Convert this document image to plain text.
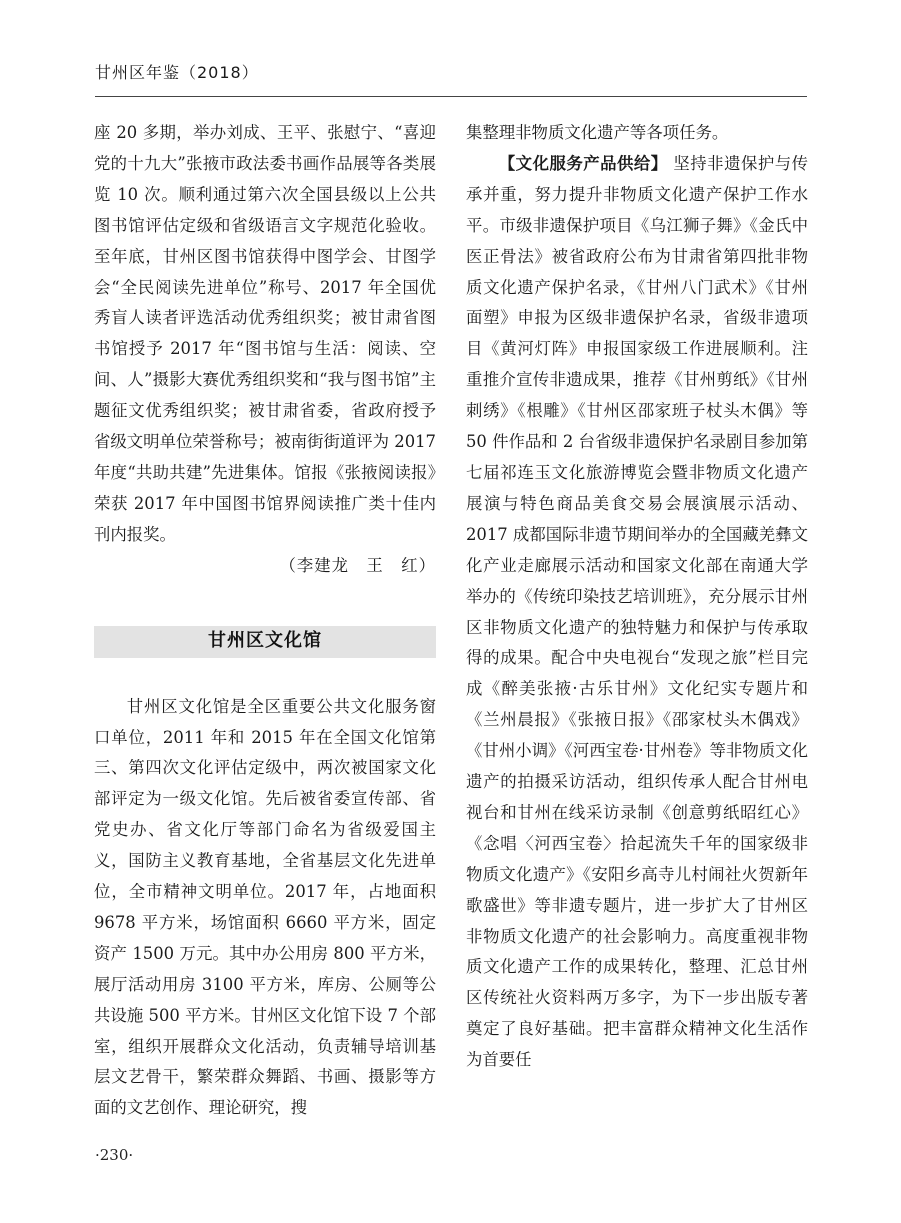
甘州区年鉴（2018）

座 20 多期，举办刘成、王平、张慰宁、“喜迎党的十九大”张掖市政法委书画作品展等各类展览 10 次。顺利通过第六次全国县级以上公共图书馆评估定级和省级语言文字规范化验收。至年底，甘州区图书馆获得中图学会、甘图学会“全民阅读先进单位”称号、2017 年全国优秀盲人读者评选活动优秀组织奖；被甘肃省图书馆授予 2017 年“图书馆与生活：阅读、空间、人”摄影大赛优秀组织奖和“我与图书馆”主题征文优秀组织奖；被甘肃省委，省政府授予省级文明单位荣誉称号；被南街街道评为 2017 年度“共助共建”先进集体。馆报《张掖阅读报》荣获 2017 年中国图书馆界阅读推广类十佳内刊内报奖。

（李建龙　王　红）

甘州区文化馆

甘州区文化馆是全区重要公共文化服务窗口单位，2011 年和 2015 年在全国文化馆第三、第四次文化评估定级中，两次被国家文化部评定为一级文化馆。先后被省委宣传部、省党史办、省文化厅等部门命名为省级爱国主义，国防主义教育基地，全省基层文化先进单位，全市精神文明单位。2017 年，占地面积 9678 平方米，场馆面积 6660 平方米，固定资产 1500 万元。其中办公用房 800 平方米，展厅活动用房 3100 平方米，库房、公厕等公共设施 500 平方米。甘州区文化馆下设 7 个部室，组织开展群众文化活动，负责辅导培训基层文艺骨干，繁荣群众舞蹈、书画、摄影等方面的文艺创作、理论研究，搜

集整理非物质文化遗产等各项任务。

【文化服务产品供给】 坚持非遗保护与传承并重，努力提升非物质文化遗产保护工作水平。市级非遗保护项目《乌江狮子舞》《金氏中医正骨法》被省政府公布为甘肃省第四批非物质文化遗产保护名录，《甘州八门武术》《甘州面塑》申报为区级非遗保护名录，省级非遗项目《黄河灯阵》申报国家级工作进展顺利。注重推介宣传非遗成果，推荐《甘州剪纸》《甘州刺绣》《根雕》《甘州区邵家班子杖头木偶》等 50 件作品和 2 台省级非遗保护名录剧目参加第七届祁连玉文化旅游博览会暨非物质文化遗产展演与特色商品美食交易会展演展示活动、2017 成都国际非遗节期间举办的全国藏羌彝文化产业走廊展示活动和国家文化部在南通大学举办的《传统印染技艺培训班》，充分展示甘州区非物质文化遗产的独特魅力和保护与传承取得的成果。配合中央电视台“发现之旅”栏目完成《醉美张掖·古乐甘州》文化纪实专题片和《兰州晨报》《张掖日报》《邵家杖头木偶戏》《甘州小调》《河西宝卷·甘州卷》等非物质文化遗产的拍摄采访活动，组织传承人配合甘州电视台和甘州在线采访录制《创意剪纸昭红心》《念唱〈河西宝卷〉拾起流失千年的国家级非物质文化遗产》《安阳乡高寺儿村闹社火贺新年歌盛世》等非遗专题片，进一步扩大了甘州区非物质文化遗产的社会影响力。高度重视非物质文化遗产工作的成果转化，整理、汇总甘州区传统社火资料两万多字，为下一步出版专著奠定了良好基础。把丰富群众精神文化生活作为首要任

·230·
